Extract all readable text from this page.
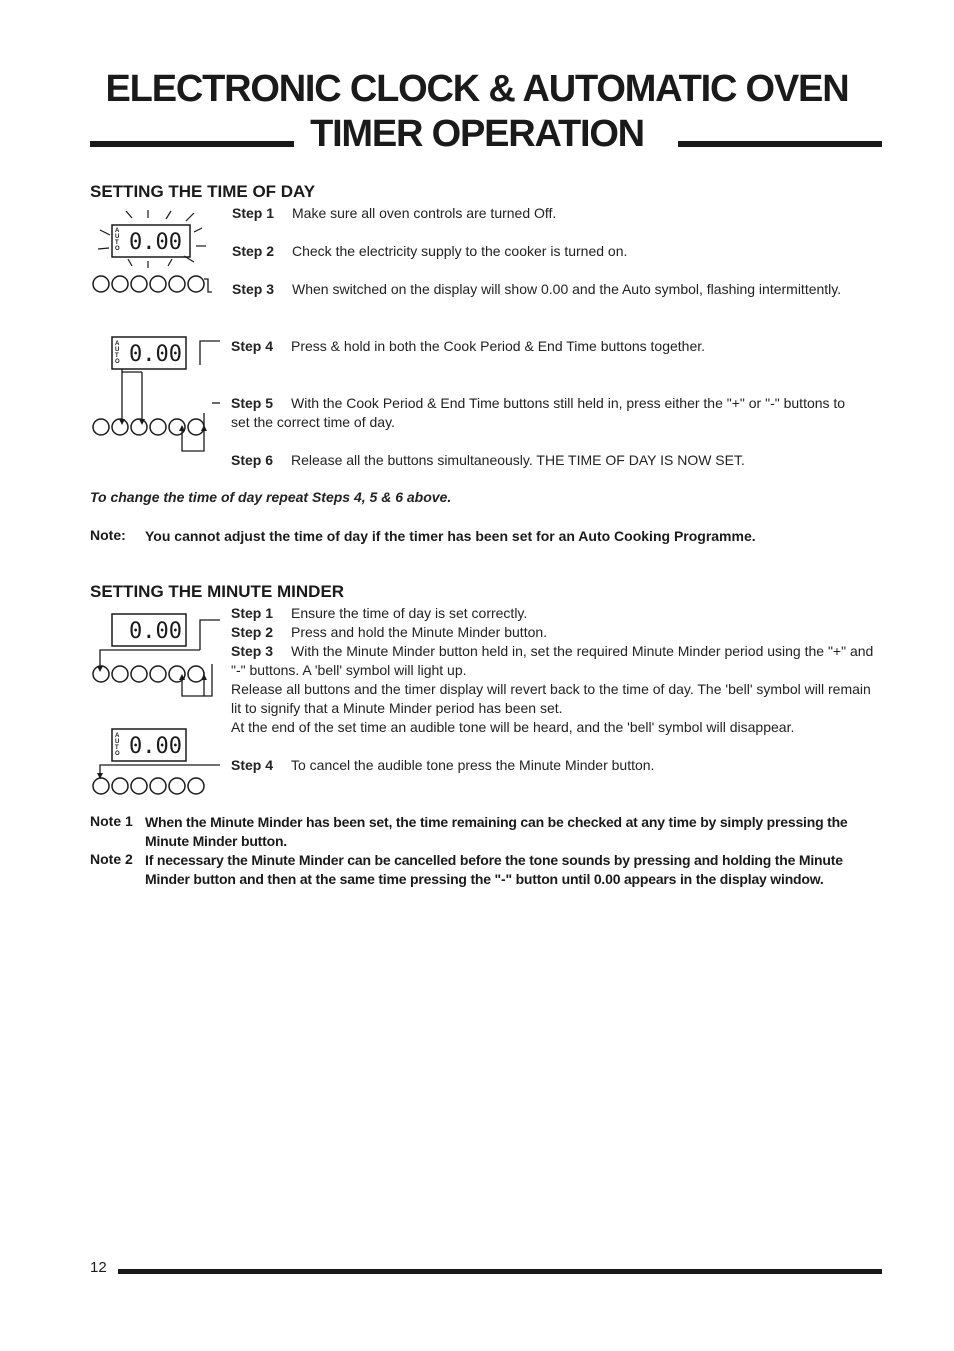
ELECTRONIC CLOCK & AUTOMATIC OVEN
TIMER OPERATION
SETTING THE TIME OF DAY
A
U
T
O 0.00
Step 1 Make sure all oven controls are turned Off.
Step 2 Check the electricity supply to the cooker is turned on.
Step 3 When switched on the display will show 0.00 and the Auto symbol, flashing intermittently.
A
U
T
O 0.00	Step 4 Press & hold in both the Cook Period & End Time buttons together.
Step 5 With the Cook Period & End Time buttons still held in, press either the "+" or "-" buttons to set the correct time of day.
Step 6 Release all the buttons simultaneously. THE TIME OF DAY IS NOW SET.
To change the time of day repeat Steps 4, 5 & 6 above.
Note: You cannot adjust the time of day if the timer has been set for an Auto Cooking Programme.
SETTING THE MINUTE MINDER
0.00
Step 1 Ensure the time of day is set correctly.
Step 2 Press and hold the Minute Minder button.
Step 3 With the Minute Minder button held in, set the required Minute Minder period using the "+" and "-" buttons. A 'bell' symbol will light up.
Release all buttons and the timer display will revert back to the time of day. The 'bell' symbol will remain lit to signify that a Minute Minder period has been set.
At the end of the set time an audible tone will be heard, and the 'bell' symbol will disappear.
A
U
T
O 0.00
Step 4 To cancel the audible tone press the Minute Minder button.
Note 1 When the Minute Minder has been set, the time remaining can be checked at any time by simply pressing the Minute Minder button.
Note 2 If necessary the Minute Minder can be cancelled before the tone sounds by pressing and holding the Minute Minder button and then at the same time pressing the "-" button until 0.00 appears in the display window.
12
